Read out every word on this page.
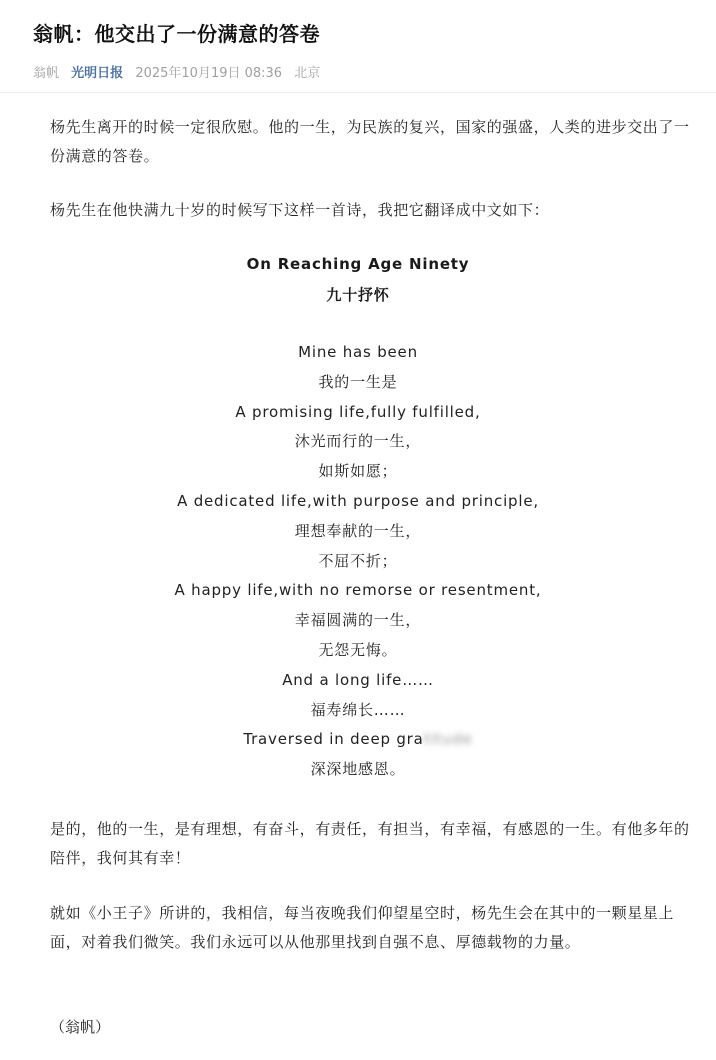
翁帆：他交出了一份满意的答卷
翁帆 光明日报 2025年10月19日 08:36 北京
杨先生离开的时候一定很欣慰。他的一生，为民族的复兴，国家的强盛，人类的进步交出了一份满意的答卷。
杨先生在他快满九十岁的时候写下这样一首诗，我把它翻译成中文如下：
On Reaching Age Ninety
九十抒怀
Mine has been
我的一生是
A promising life,fully fulfilled,
沐光而行的一生，
如斯如愿；
A dedicated life,with purpose and principle,
理想奉献的一生，
不屈不折；
A happy life,with no remorse or resentment,
幸福圆满的一生，
无怨无悔。
And a long life……
福寿绵长……
Traversed in deep gratitude
深深地感恩。
是的，他的一生，是有理想，有奋斗，有责任，有担当，有幸福，有感恩的一生。有他多年的陪伴，我何其有幸！
就如《小王子》所讲的，我相信，每当夜晚我们仰望星空时，杨先生会在其中的一颗星星上面，对着我们微笑。我们永远可以从他那里找到自强不息、厚德载物的力量。
（翁帆）
